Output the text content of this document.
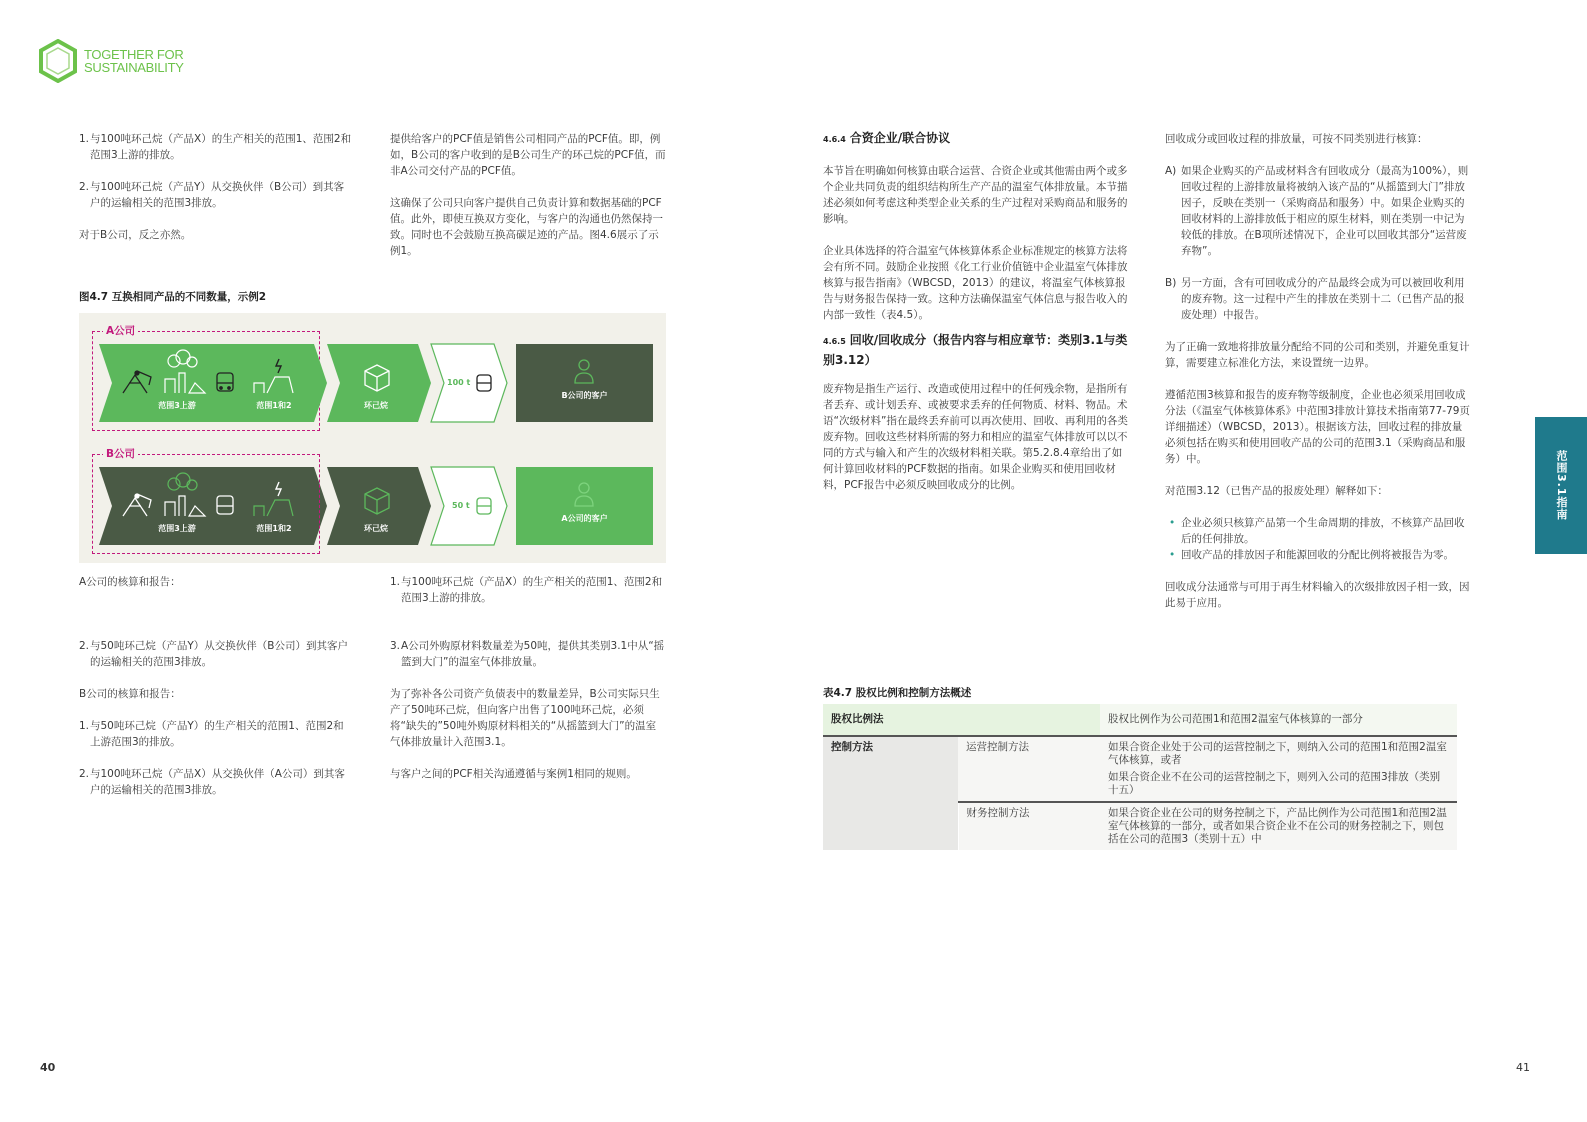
TOGETHER FOR
SUSTAINABILITY
1. 与100吨环己烷（产品X）的生产相关的范围1、范围2和范围3上游的排放。
2. 与100吨环己烷（产品Y）从交换伙伴（B公司）到其客户的运输相关的范围3排放。
对于B公司，反之亦然。
提供给客户的PCF值是销售公司相同产品的PCF值。即，例如，B公司的客户收到的是B公司生产的环己烷的PCF值，而非A公司交付产品的PCF值。
这确保了公司只向客户提供自己负责计算和数据基础的PCF值。此外，即使互换双方变化，与客户的沟通也仍然保持一致。同时也不会鼓励互换高碳足迹的产品。图4.6展示了示例1。
图4.7 互换相同产品的不同数量，示例2
A公司
范围3上游	范围1和2	环己烷
100 t
B公司的客户
B公司
范围3上游	范围1和2	环己烷
50 t
A公司的客户
A公司的核算和报告：
2. 与50吨环己烷（产品Y）从交换伙伴（B公司）到其客户的运输相关的范围3排放。
B公司的核算和报告：
1. 与50吨环己烷（产品Y）的生产相关的范围1、范围2和上游范围3的排放。
2. 与100吨环己烷（产品X）从交换伙伴（A公司）到其客户的运输相关的范围3排放。
1. 与100吨环己烷（产品X）的生产相关的范围1、范围2和范围3上游的排放。
3. A公司外购原材料数量差为50吨，提供其类别3.1中从“摇篮到大门”的温室气体排放量。
为了弥补各公司资产负债表中的数量差异，B公司实际只生产了50吨环己烷，但向客户出售了100吨环己烷，必须将“缺失的”50吨外购原材料相关的“从摇篮到大门”的温室气体排放量计入范围3.1。
与客户之间的PCF相关沟通遵循与案例1相同的规则。
40
4.6.4 合资企业/联合协议
本节旨在明确如何核算由联合运营、合资企业或其他需由两个或多个企业共同负责的组织结构所生产产品的温室气体排放量。本节描述必须如何考虑这种类型企业关系的生产过程对采购商品和服务的影响。
企业具体选择的符合温室气体核算体系企业标准规定的核算方法将会有所不同。鼓励企业按照《化工行业价值链中企业温室气体排放核算与报告指南》（WBCSD，2013）的建议，将温室气体核算报告与财务报告保持一致。这种方法确保温室气体信息与报告收入的内部一致性（表4.5）。
4.6.5 回收/回收成分（报告内容与相应章节：类别3.1与类别3.12）
废弃物是指生产运行、改造或使用过程中的任何残余物，是指所有者丢弃、或计划丢弃、或被要求丢弃的任何物质、材料、物品。术语“次级材料”指在最终丢弃前可以再次使用、回收、再利用的各类废弃物。回收这些材料所需的努力和相应的温室气体排放可以以不同的方式与输入和产生的次级材料相关联。第5.2.8.4章给出了如何计算回收材料的PCF数据的指南。如果企业购买和使用回收材料，PCF报告中必须反映回收成分的比例。
回收成分或回收过程的排放量，可按不同类别进行核算：
A) 如果企业购买的产品或材料含有回收成分（最高为100%），则回收过程的上游排放量将被纳入该产品的“从摇篮到大门”排放因子，反映在类别一（采购商品和服务）中。如果企业购买的回收材料的上游排放低于相应的原生材料，则在类别一中记为较低的排放。在B项所述情况下，企业可以回收其部分“运营废弃物”。
B) 另一方面，含有可回收成分的产品最终会成为可以被回收利用的废弃物。这一过程中产生的排放在类别十二（已售产品的报废处理）中报告。
为了正确一致地将排放量分配给不同的公司和类别，并避免重复计算，需要建立标准化方法，来设置统一边界。
遵循范围3核算和报告的废弃物等级制度，企业也必须采用回收成分法（《温室气体核算体系》中范围3排放计算技术指南第77-79页详细描述）（WBCSD，2013）。根据该方法，回收过程的排放量必须包括在购买和使用回收产品的公司的范围3.1（采购商品和服务）中。
对范围3.12（已售产品的报废处理）解释如下：
• 企业必须只核算产品第一个生命周期的排放，不核算产品回收后的任何排放。
• 回收产品的排放因子和能源回收的分配比例将被报告为零。
回收成分法通常与可用于再生材料输入的次级排放因子相一致，因此易于应用。
范围3.1指南
表4.7 股权比例和控制方法概述
股权比例法		股权比例作为公司范围1和范围2温室气体核算的一部分
控制方法	运营控制方法	如果合资企业处于公司的运营控制之下，则纳入公司的范围1和范围2温室气体核算，或者
如果合资企业不在公司的运营控制之下，则列入公司的范围3排放（类别十五）

	财务控制方法	如果合资企业在公司的财务控制之下，产品比例作为公司范围1和范围2温室气体核算的一部分，或者如果合资企业不在公司的财务控制之下，则包括在公司的范围3（类别十五）中
41
